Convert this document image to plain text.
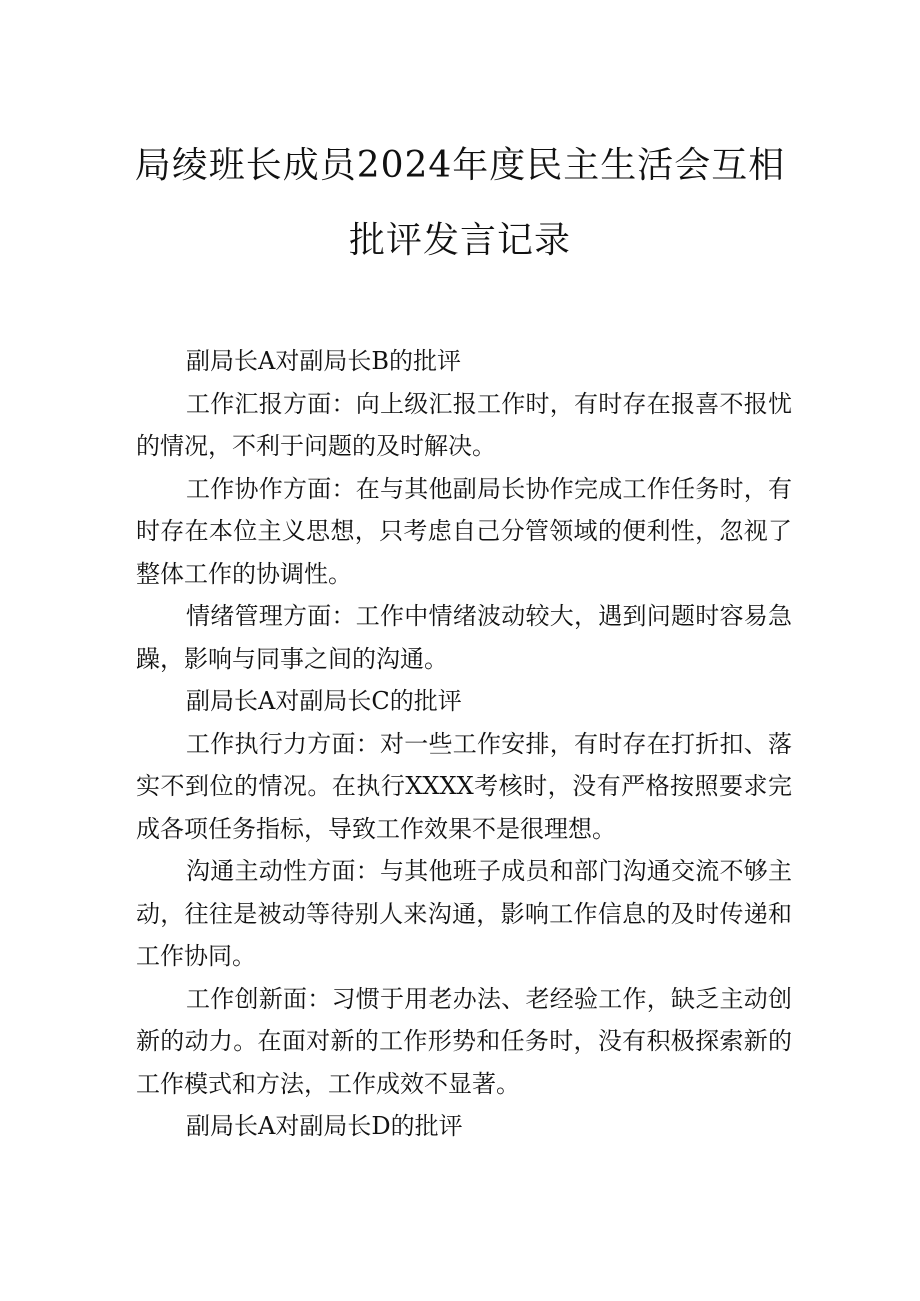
局绫班长成员2024年度民主生活会互相
批评发言记录

副局长A对副局长B的批评

工作汇报方面：向上级汇报工作时，有时存在报喜不报忧的情况，不利于问题的及时解决。

工作协作方面：在与其他副局长协作完成工作任务时，有时存在本位主义思想，只考虑自己分管领域的便利性，忽视了整体工作的协调性。

情绪管理方面：工作中情绪波动较大，遇到问题时容易急躁，影响与同事之间的沟通。

副局长A对副局长C的批评

工作执行力方面：对一些工作安排，有时存在打折扣、落实不到位的情况。在执行XXXX考核时，没有严格按照要求完成各项任务指标，导致工作效果不是很理想。

沟通主动性方面：与其他班子成员和部门沟通交流不够主动，往往是被动等待别人来沟通，影响工作信息的及时传递和工作协同。

工作创新面：习惯于用老办法、老经验工作，缺乏主动创新的动力。在面对新的工作形势和任务时，没有积极探索新的工作模式和方法，工作成效不显著。

副局长A对副局长D的批评
